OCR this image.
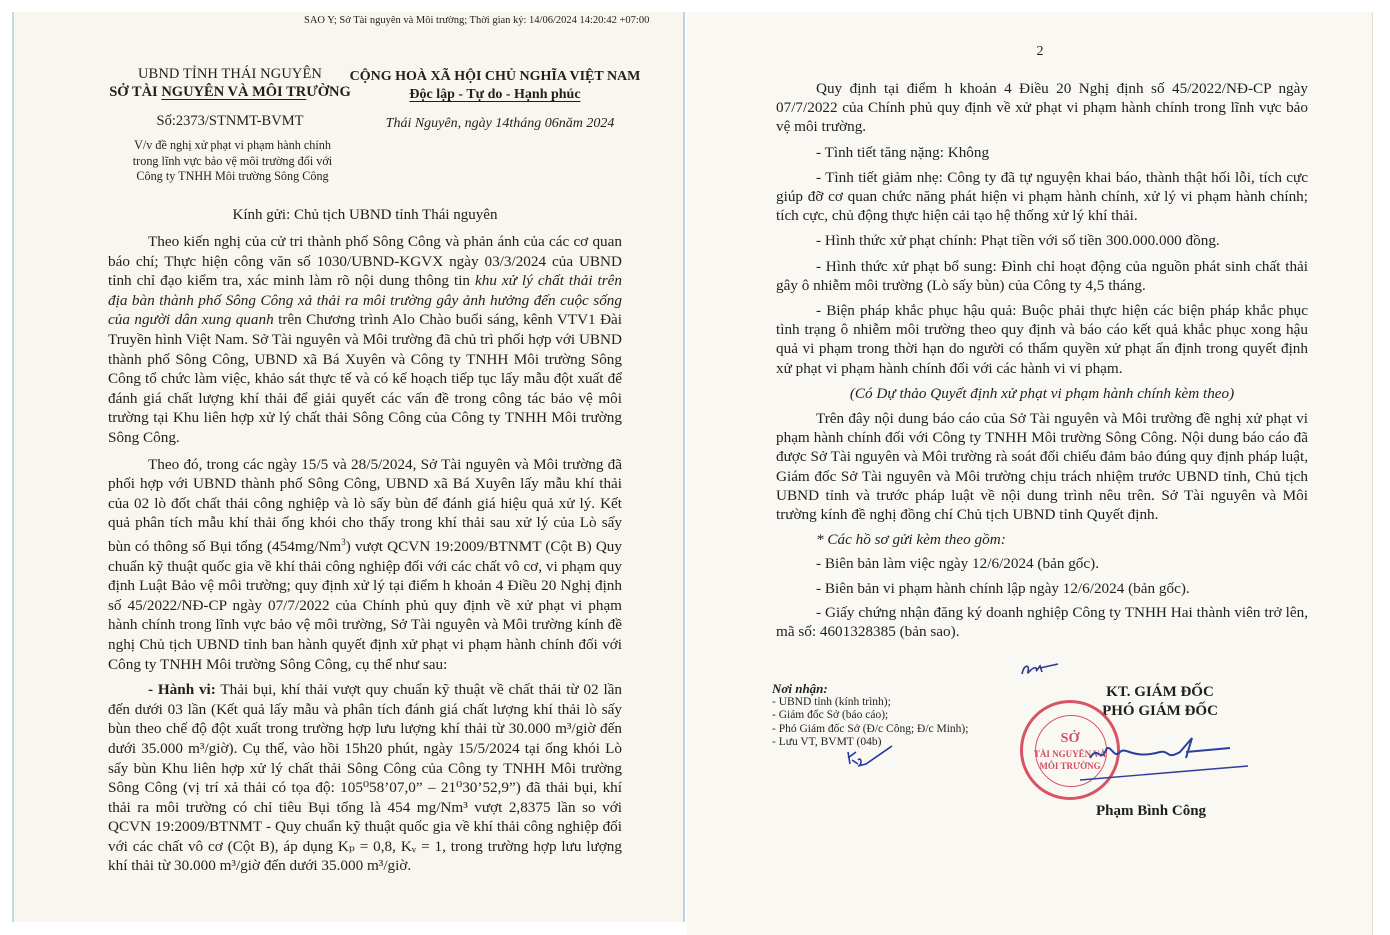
SAO Y; Sở Tài nguyên và Môi trường; Thời gian ký: 14/06/2024 14:20:42 +07:00
UBND TỈNH THÁI NGUYÊN
SỞ TÀI NGUYÊN VÀ MÔI TRƯỜNG
CỘNG HOÀ XÃ HỘI CHỦ NGHĨA VIỆT NAM
Độc lập - Tự do - Hạnh phúc
Số:2373/STNMT-BVMT	Thái Nguyên, ngày 14tháng 06năm 2024
V/v đề nghị xử phạt vi phạm hành chính
trong lĩnh vực bảo vệ môi trường đối với
Công ty TNHH Môi trường Sông Công
Kính gửi: Chủ tịch UBND tỉnh Thái nguyên

Theo kiến nghị của cử tri thành phố Sông Công và phản ánh của các cơ quan báo chí; Thực hiện công văn số 1030/UBND-KGVX ngày 03/3/2024 của UBND tỉnh chỉ đạo kiểm tra, xác minh làm rõ nội dung thông tin khu xử lý chất thải trên địa bàn thành phố Sông Công xả thải ra môi trường gây ảnh hưởng đến cuộc sống của người dân xung quanh trên Chương trình Alo Chào buổi sáng, kênh VTV1 Đài Truyền hình Việt Nam. Sở Tài nguyên và Môi trường đã chủ trì phối hợp với UBND thành phố Sông Công, UBND xã Bá Xuyên và Công ty TNHH Môi trường Sông Công tổ chức làm việc, khảo sát thực tế và có kế hoạch tiếp tục lấy mẫu đột xuất để đánh giá chất lượng khí thải để giải quyết các vấn đề trong công tác bảo vệ môi trường tại Khu liên hợp xử lý chất thải Sông Công của Công ty TNHH Môi trường Sông Công.

Theo đó, trong các ngày 15/5 và 28/5/2024, Sở Tài nguyên và Môi trường đã phối hợp với UBND thành phố Sông Công, UBND xã Bá Xuyên lấy mẫu khí thải của 02 lò đốt chất thải công nghiệp và lò sấy bùn để đánh giá hiệu quả xử lý. Kết quả phân tích mẫu khí thải ống khói cho thấy trong khí thải sau xử lý của Lò sấy bùn có thông số Bụi tổng (454mg/Nm$^3$) vượt QCVN 19:2009/BTNMT (Cột B) Quy chuẩn kỹ thuật quốc gia về khí thải công nghiệp đối với các chất vô cơ, vi phạm quy định Luật Bảo vệ môi trường; quy định xử lý tại điểm h khoản 4 Điều 20 Nghị định số 45/2022/NĐ-CP ngày 07/7/2022 của Chính phủ quy định về xử phạt vi phạm hành chính trong lĩnh vực bảo vệ môi trường, Sở Tài nguyên và Môi trường kính đề nghị Chủ tịch UBND tỉnh ban hành quyết định xử phạt vi phạm hành chính đối với Công ty TNHH Môi trường Sông Công, cụ thể như sau:

- Hành vi: Thải bụi, khí thải vượt quy chuẩn kỹ thuật về chất thải từ 02 lần đến dưới 03 lần (Kết quả lấy mẫu và phân tích đánh giá chất lượng khí thải lò sấy bùn theo chế độ đột xuất trong trường hợp lưu lượng khí thải từ 30.000 m³/giờ đến dưới 35.000 m³/giờ). Cụ thể, vào hồi 15h20 phút, ngày 15/5/2024 tại ống khói Lò sấy bùn Khu liên hợp xử lý chất thải Sông Công của Công ty TNHH Môi trường Sông Công (vị trí xả thải có tọa độ: 105⁰58’07,0” – 21⁰30’52,9”) đã thải bụi, khí thải ra môi trường có chỉ tiêu Bụi tổng là 454 mg/Nm³ vượt 2,8375 lần so với QCVN 19:2009/BTNMT - Quy chuẩn kỹ thuật quốc gia về khí thải công nghiệp đối với các chất vô cơ (Cột B), áp dụng Kₚ = 0,8, Kᵥ = 1, trong trường hợp lưu lượng khí thải từ 30.000 m³/giờ đến dưới 35.000 m³/giờ.

2

Quy định tại điểm h khoản 4 Điều 20 Nghị định số 45/2022/NĐ-CP ngày 07/7/2022 của Chính phủ quy định về xử phạt vi phạm hành chính trong lĩnh vực bảo vệ môi trường.

- Tình tiết tăng nặng: Không

- Tình tiết giảm nhẹ: Công ty đã tự nguyện khai báo, thành thật hối lỗi, tích cực giúp đỡ cơ quan chức năng phát hiện vi phạm hành chính, xử lý vi phạm hành chính; tích cực, chủ động thực hiện cải tạo hệ thống xử lý khí thải.

- Hình thức xử phạt chính: Phạt tiền với số tiền 300.000.000 đồng.

- Hình thức xử phạt bổ sung: Đình chỉ hoạt động của nguồn phát sinh chất thải gây ô nhiễm môi trường (Lò sấy bùn) của Công ty 4,5 tháng.

- Biện pháp khắc phục hậu quả: Buộc phải thực hiện các biện pháp khắc phục tình trạng ô nhiễm môi trường theo quy định và báo cáo kết quả khắc phục xong hậu quả vi phạm trong thời hạn do người có thẩm quyền xử phạt ấn định trong quyết định xử phạt vi phạm hành chính đối với các hành vi vi phạm.

(Có Dự thảo Quyết định xử phạt vi phạm hành chính kèm theo)

Trên đây nội dung báo cáo của Sở Tài nguyên và Môi trường đề nghị xử phạt vi phạm hành chính đối với Công ty TNHH Môi trường Sông Công. Nội dung báo cáo đã được Sở Tài nguyên và Môi trường rà soát đối chiếu đảm bảo đúng quy định pháp luật, Giám đốc Sở Tài nguyên và Môi trường chịu trách nhiệm trước UBND tỉnh, Chủ tịch UBND tỉnh và trước pháp luật về nội dung trình nêu trên. Sở Tài nguyên và Môi trường kính đề nghị đồng chí Chủ tịch UBND tỉnh Quyết định.

* Các hồ sơ gửi kèm theo gồm:

- Biên bản làm việc ngày 12/6/2024 (bản gốc).

- Biên bản vi phạm hành chính lập ngày 12/6/2024 (bản gốc).

- Giấy chứng nhận đăng ký doanh nghiệp Công ty TNHH Hai thành viên trở lên, mã số: 4601328385 (bản sao).

Nơi nhận:
- UBND tỉnh (kính trình);
- Giám đốc Sở (báo cáo);
- Phó Giám đốc Sở (Đ/c Công; Đ/c Minh);
- Lưu VT, BVMT (04b)
KT. GIÁM ĐỐC
PHÓ GIÁM ĐỐC
SỞ
TÀI NGUYÊN VÀ
MÔI TRƯỜNG
Phạm Bình Công
